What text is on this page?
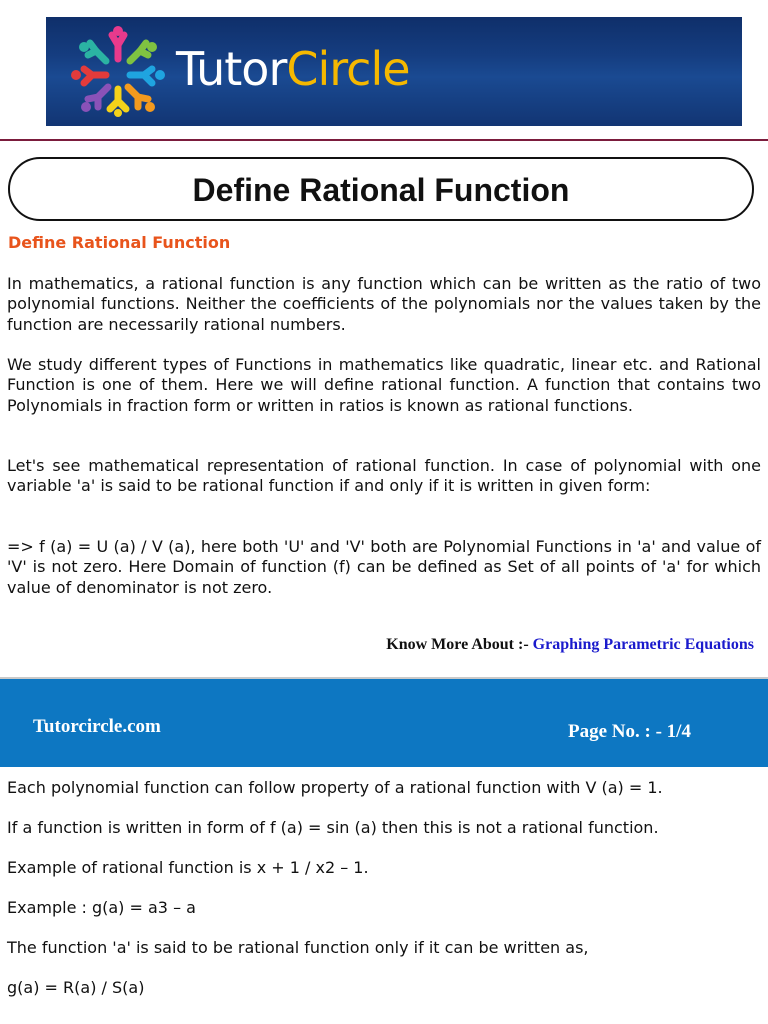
TutorCircle
Define Rational Function
Define Rational Function

In mathematics, a rational function is any function which can be written as the ratio of two polynomial functions. Neither the coefficients of the polynomials nor the values taken by the function are necessarily rational numbers.

We study different types of Functions in mathematics like quadratic, linear etc. and Rational Function is one of them. Here we will define rational function. A function that contains two Polynomials in fraction form or written in ratios is known as rational functions.

Let's see mathematical representation of rational function. In case of polynomial with one variable 'a' is said to be rational function if and only if it is written in given form:

=> f (a) = U (a) / V (a), here both 'U' and 'V' both are Polynomial Functions in 'a' and value of 'V' is not zero. Here Domain of function (f) can be defined as Set of all points of 'a' for which value of denominator is not zero.

Know More About :- Graphing Parametric Equations
Tutorcircle.com	Page No. : - 1/4
Each polynomial function can follow property of a rational function with V (a) = 1.
If a function is written in form of f (a) = sin (a) then this is not a rational function.
Example of rational function is x + 1 / x2 – 1.
Example : g(a) = a3 – a
The function 'a' is said to be rational function only if it can be written as,
g(a) = R(a) / S(a)
